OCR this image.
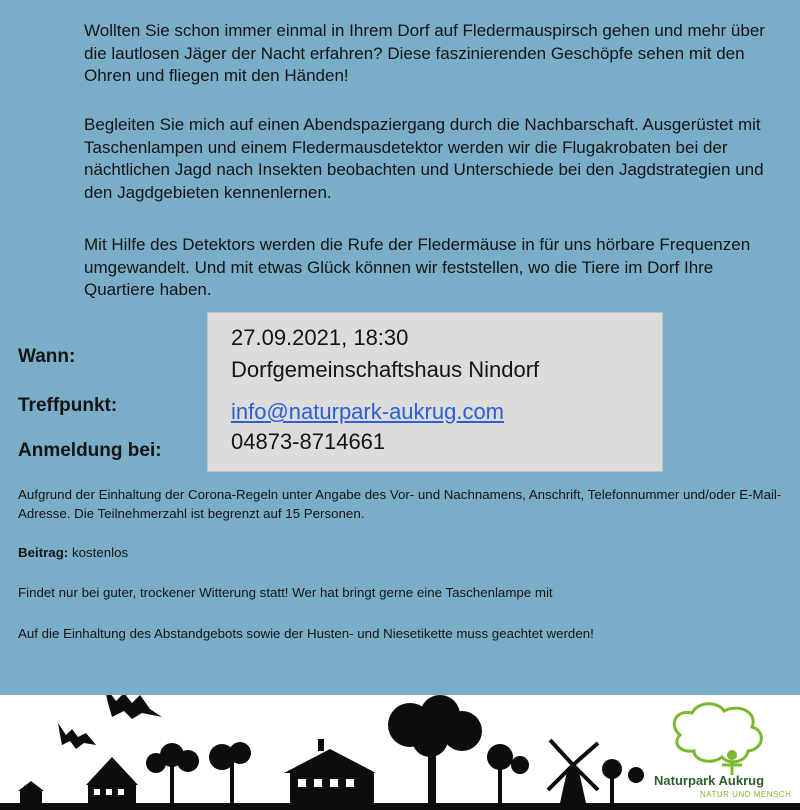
Wollten Sie schon immer einmal in Ihrem Dorf auf Fledermauspirsch gehen und mehr über die lautlosen Jäger der Nacht erfahren? Diese faszinierenden Geschöpfe sehen mit den Ohren und fliegen mit den Händen!

Begleiten Sie mich auf einen Abendspaziergang durch die Nachbarschaft. Ausgerüstet mit Taschenlampen und einem Fledermausdetektor werden wir die Flugakrobaten bei der nächtlichen Jagd nach Insekten beobachten und Unterschiede bei den Jagdstrategien und den Jagdgebieten kennenlernen.

Mit Hilfe des Detektors werden die Rufe der Fledermäuse in für uns hörbare Frequenzen umgewandelt. Und mit etwas Glück können wir feststellen, wo die Tiere im Dorf Ihre Quartiere haben.

Wann:
Treffpunkt:
Anmeldung bei:
27.09.2021, 18:30
Dorfgemeinschaftshaus Nindorf
info@naturpark-aukrug.com
04873-8714661
Aufgrund der Einhaltung der Corona-Regeln unter Angabe des Vor- und Nachnamens, Anschrift, Telefonnummer und/oder E-Mail-Adresse. Die Teilnehmerzahl ist begrenzt auf 15 Personen.
Beitrag: kostenlos
Findet nur bei guter, trockener Witterung statt! Wer hat bringt gerne eine Taschenlampe mit
Auf die Einhaltung des Abstandgebots sowie der Husten- und Niesetikette muss geachtet werden!
Naturpark Aukrug
NATUR UND MENSCH
